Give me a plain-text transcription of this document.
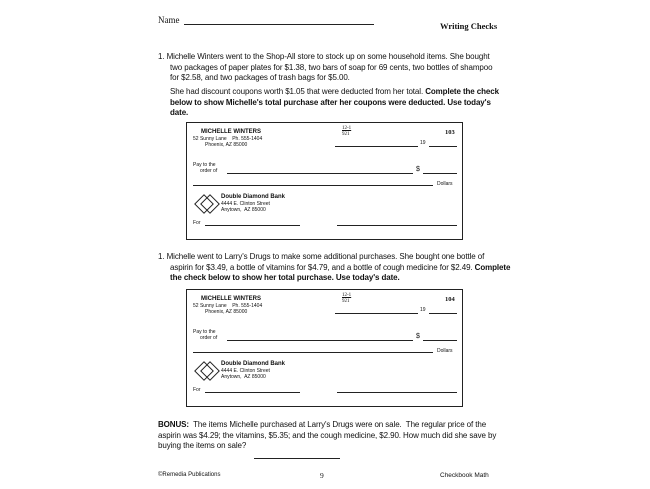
Name
Writing Checks
1. Michelle Winters went to the Shop-All store to stock up on some household items. She bought
two packages of paper plates for $1.38, two bars of soap for 69 cents, two bottles of shampoo
for $2.58, and two packages of trash bags for $5.00.
She had discount coupons worth $1.05 that were deducted from her total. Complete the check
below to show Michelle's total purchase after her coupons were deducted. Use today's
date.
MICHELLE WINTERS
52 Sunny Lane    Ph. 555-1404
Phoenix, AZ 85000
12-1
921	103
19
Pay to the
order of	$
Dollars
Double Diamond Bank
4444 E. Clinton Street
Anytown,  AZ 85000
For
1. Michelle went to Larry's Drugs to make some additional purchases. She bought one bottle of
aspirin for $3.49, a bottle of vitamins for $4.79, and a bottle of cough medicine for $2.49. Complete
the check below to show her total purchase. Use today's date.
MICHELLE WINTERS
52 Sunny Lane    Ph. 555-1404
Phoenix, AZ 85000
12-1
921	104
19
Pay to the
order of	$
Dollars
Double Diamond Bank
4444 E. Clinton Street
Anytown,  AZ 85000
For
BONUS:  The items Michelle purchased at Larry's Drugs were on sale.  The regular price of the
aspirin was $4.29; the vitamins, $5.35; and the cough medicine, $2.90. How much did she save by
buying the items on sale?
©Remedia Publications	9	Checkbook Math
